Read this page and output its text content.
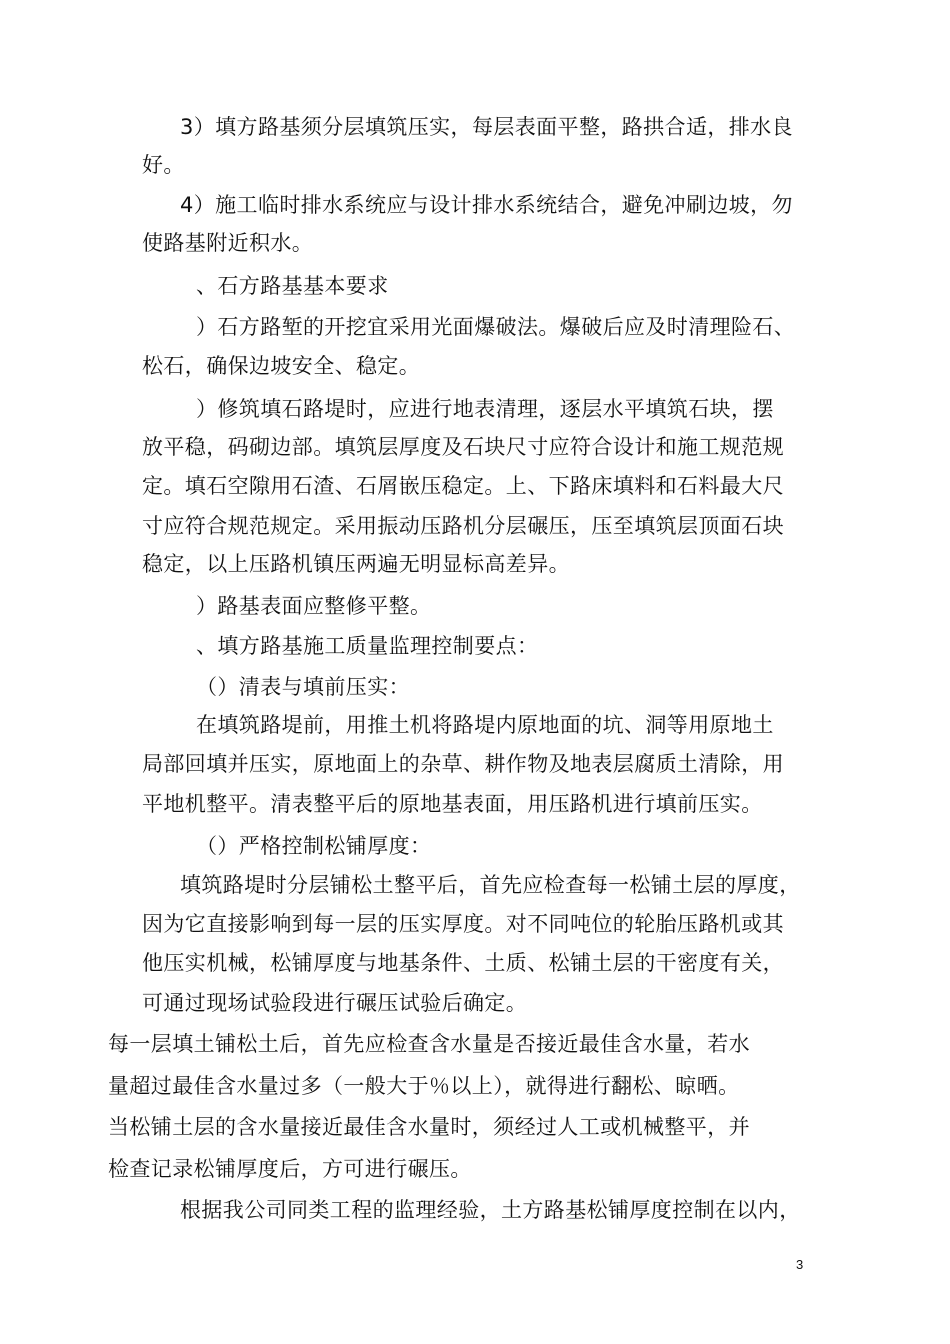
3）填方路基须分层填筑压实，每层表面平整，路拱合适，排水良
好。
4）施工临时排水系统应与设计排水系统结合，避免冲刷边坡，勿
使路基附近积水。
、石方路基基本要求
）石方路堑的开挖宜采用光面爆破法。爆破后应及时清理险石、
松石，确保边坡安全、稳定。
）修筑填石路堤时，应进行地表清理，逐层水平填筑石块，摆
放平稳，码砌边部。填筑层厚度及石块尺寸应符合设计和施工规范规
定。填石空隙用石渣、石屑嵌压稳定。上、下路床填料和石料最大尺
寸应符合规范规定。采用振动压路机分层碾压，压至填筑层顶面石块
稳定，以上压路机镇压两遍无明显标高差异。
）路基表面应整修平整。
、填方路基施工质量监理控制要点：
（）清表与填前压实：
在填筑路堤前，用推土机将路堤内原地面的坑、洞等用原地土
局部回填并压实，原地面上的杂草、耕作物及地表层腐质土清除，用
平地机整平。清表整平后的原地基表面，用压路机进行填前压实。
（）严格控制松铺厚度：
填筑路堤时分层铺松土整平后，首先应检查每一松铺土层的厚度，
因为它直接影响到每一层的压实厚度。对不同吨位的轮胎压路机或其
他压实机械，松铺厚度与地基条件、土质、松铺土层的干密度有关，
可通过现场试验段进行碾压试验后确定。
每一层填土铺松土后，首先应检查含水量是否接近最佳含水量，若水
量超过最佳含水量过多（一般大于％以上），就得进行翻松、晾晒。
当松铺土层的含水量接近最佳含水量时，须经过人工或机械整平，并
检查记录松铺厚度后，方可进行碾压。
根据我公司同类工程的监理经验，土方路基松铺厚度控制在以内，
3
